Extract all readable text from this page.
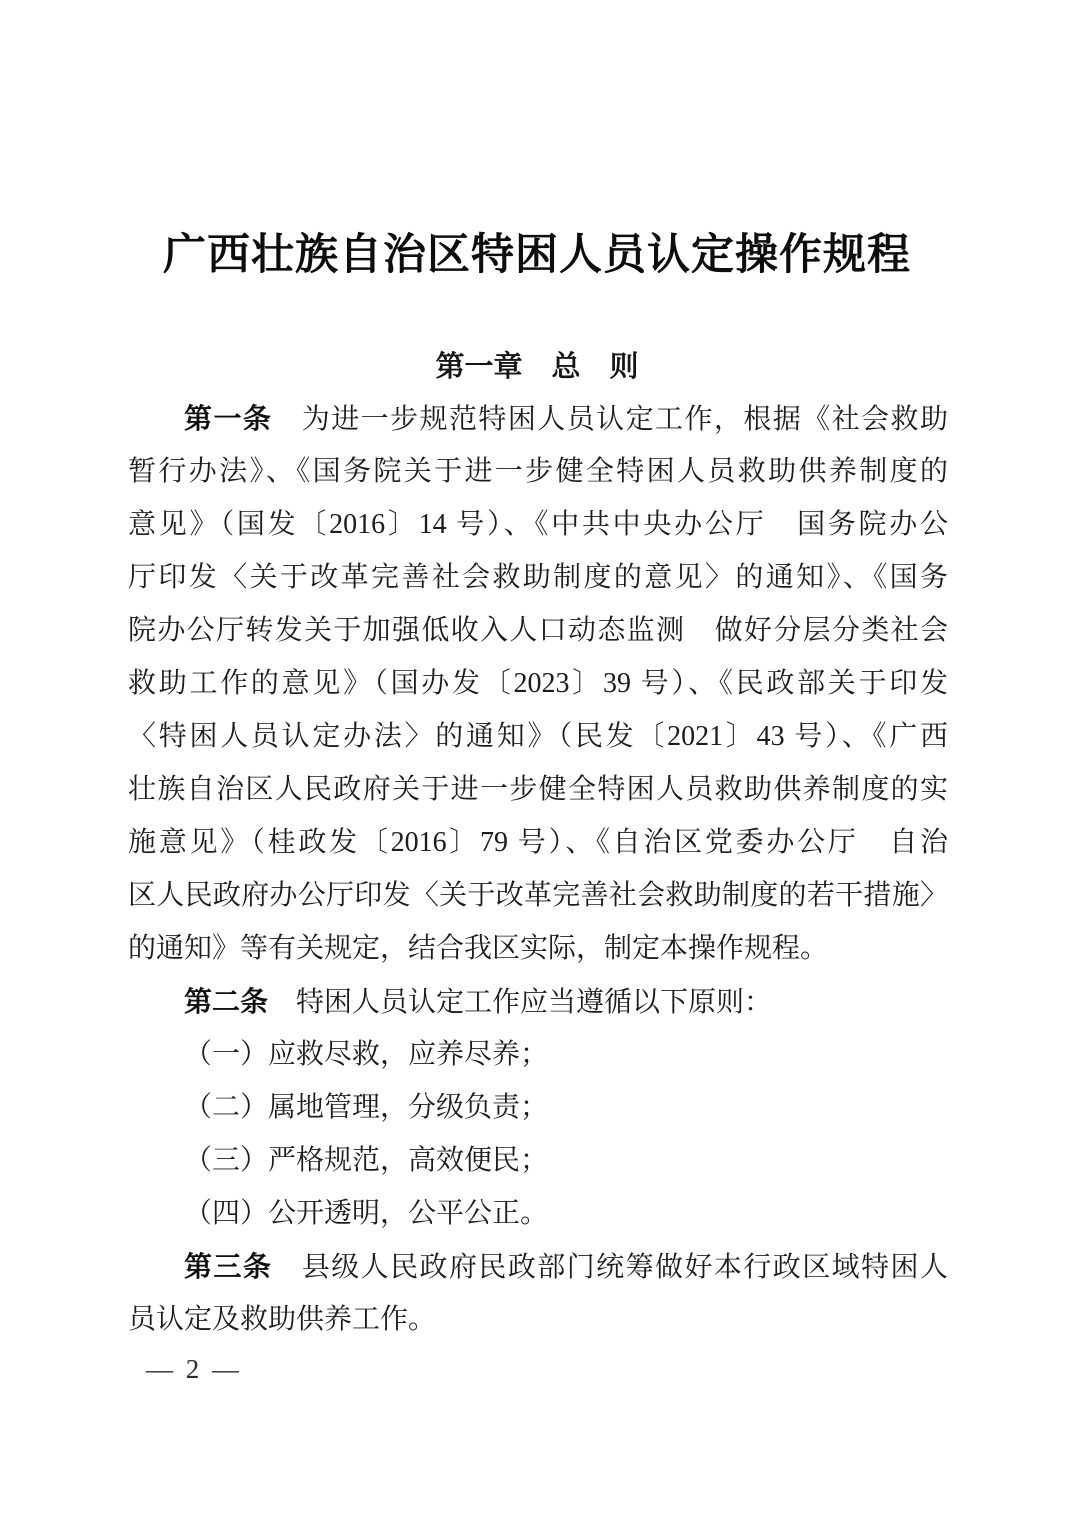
广西壮族自治区特困人员认定操作规程
第一章　总　则
第一条　为进一步规范特困人员认定工作，根据《社会救助
暂行办法》、《国务院关于进一步健全特困人员救助供养制度的
意见》（国发〔2016〕14 号）、《中共中央办公厅　国务院办公
厅印发〈关于改革完善社会救助制度的意见〉的通知》、《国务
院办公厅转发关于加强低收入人口动态监测　做好分层分类社会
救助工作的意见》（国办发〔2023〕39 号）、《民政部关于印发
〈特困人员认定办法〉的通知》（民发〔2021〕43 号）、《广西
壮族自治区人民政府关于进一步健全特困人员救助供养制度的实
施意见》（桂政发〔2016〕79 号）、《自治区党委办公厅　自治
区人民政府办公厅印发〈关于改革完善社会救助制度的若干措施〉
的通知》等有关规定，结合我区实际，制定本操作规程。
第二条　特困人员认定工作应当遵循以下原则：
（一）应救尽救，应养尽养；
（二）属地管理，分级负责；
（三）严格规范，高效便民；
（四）公开透明，公平公正。
第三条　县级人民政府民政部门统筹做好本行政区域特困人
员认定及救助供养工作。
— 2 —
